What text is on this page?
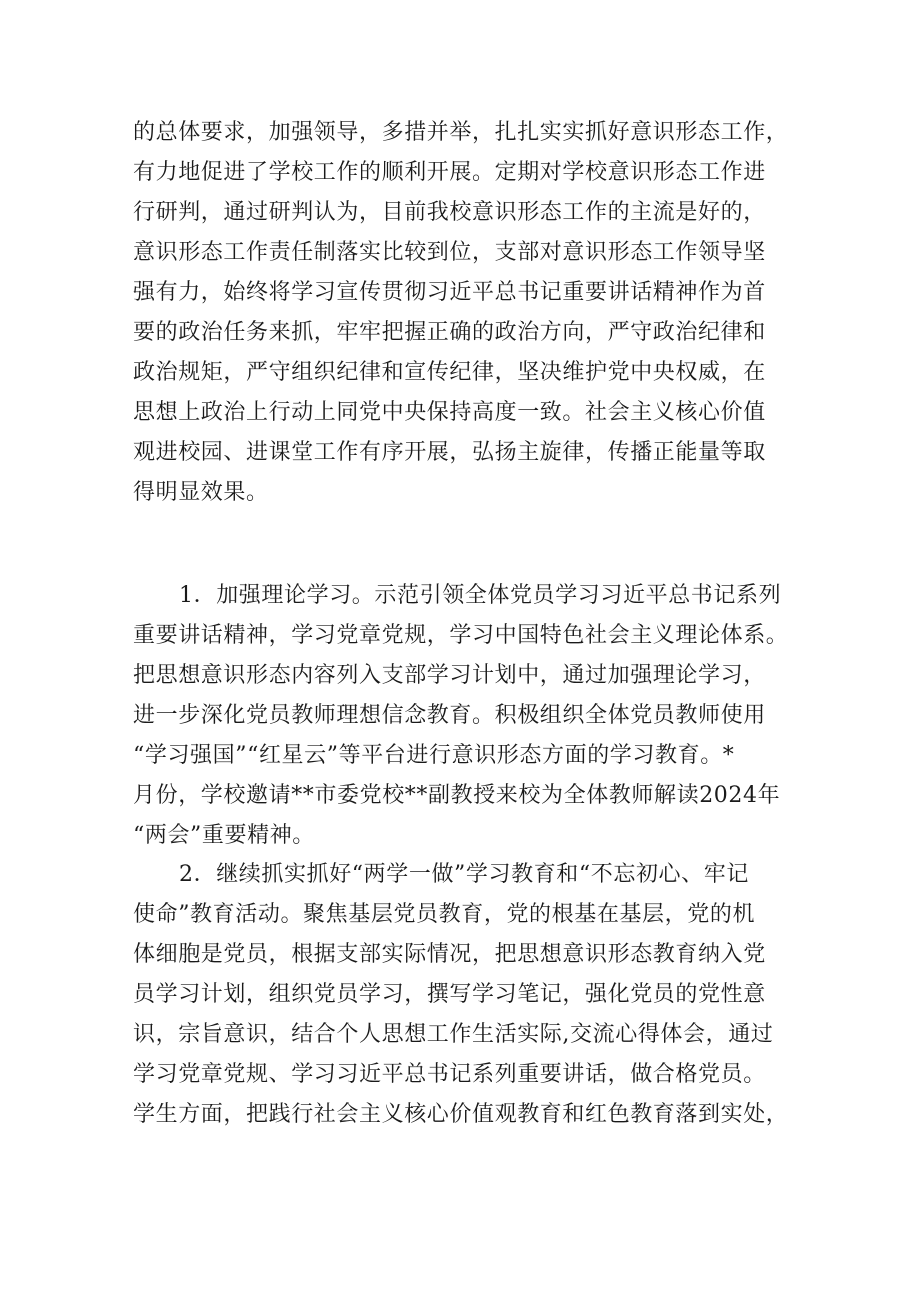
的总体要求，加强领导，多措并举，扎扎实实抓好意识形态工作，
有力地促进了学校工作的顺利开展。定期对学校意识形态工作进
行研判，通过研判认为，目前我校意识形态工作的主流是好的，
意识形态工作责任制落实比较到位，支部对意识形态工作领导坚
强有力，始终将学习宣传贯彻习近平总书记重要讲话精神作为首
要的政治任务来抓，牢牢把握正确的政治方向，严守政治纪律和
政治规矩，严守组织纪律和宣传纪律，坚决维护党中央权威，在
思想上政治上行动上同党中央保持高度一致。社会主义核心价值
观进校园、进课堂工作有序开展，弘扬主旋律，传播正能量等取
得明显效果。
1．加强理论学习。示范引领全体党员学习习近平总书记系列
重要讲话精神，学习党章党规，学习中国特色社会主义理论体系。
把思想意识形态内容列入支部学习计划中，通过加强理论学习，
进一步深化党员教师理想信念教育。积极组织全体党员教师使用
“学习强国”“红星云”等平台进行意识形态方面的学习教育。*
月份，学校邀请**市委党校**副教授来校为全体教师解读2024年
“两会”重要精神。
2．继续抓实抓好“两学一做”学习教育和“不忘初心、牢记
使命”教育活动。聚焦基层党员教育，党的根基在基层，党的机
体细胞是党员，根据支部实际情况，把思想意识形态教育纳入党
员学习计划，组织党员学习，撰写学习笔记，强化党员的党性意
识，宗旨意识，结合个人思想工作生活实际,交流心得体会，通过
学习党章党规、学习习近平总书记系列重要讲话，做合格党员。
学生方面，把践行社会主义核心价值观教育和红色教育落到实处，
